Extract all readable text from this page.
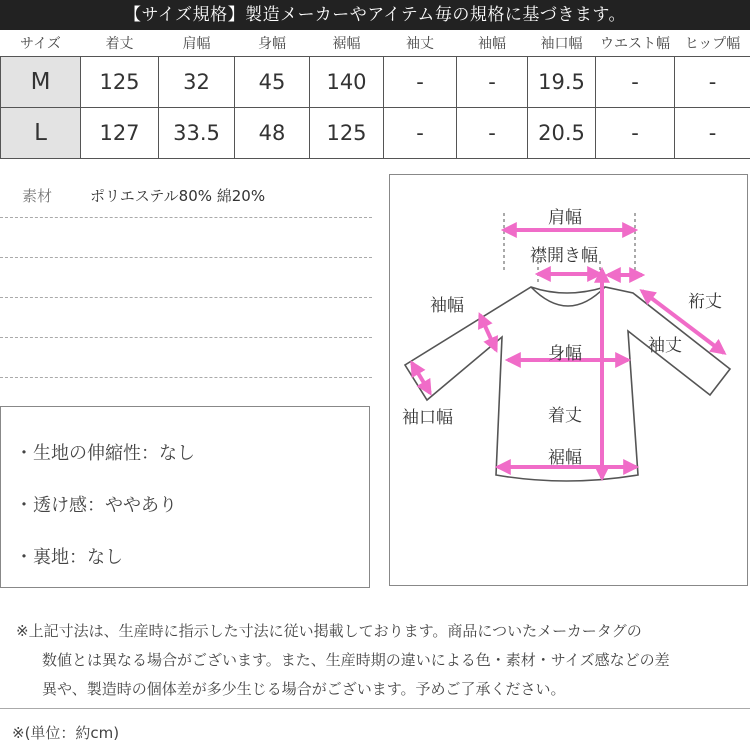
【サイズ規格】製造メーカーやアイテム毎の規格に基づきます。
サイズ	着丈	肩幅	身幅	裾幅	袖丈	袖幅	袖口幅	ウエスト幅	ヒップ幅
M	125	32	45	140	-	-	19.5	-	-
L	127	33.5	48	125	-	-	20.5	-	-
素材	ポリエステル80% 綿20%
・生地の伸縮性：なし
・透け感：ややあり
・裏地：なし
肩幅
襟開き幅
袖幅	裄丈
袖丈
身幅
袖口幅	着丈
裾幅
※上記寸法は、生産時に指示した寸法に従い掲載しております。商品についたメーカータグの
数値とは異なる場合がございます。また、生産時期の違いによる色・素材・サイズ感などの差
異や、製造時の個体差が多少生じる場合がございます。予めご了承ください。
※(単位：約cm)
